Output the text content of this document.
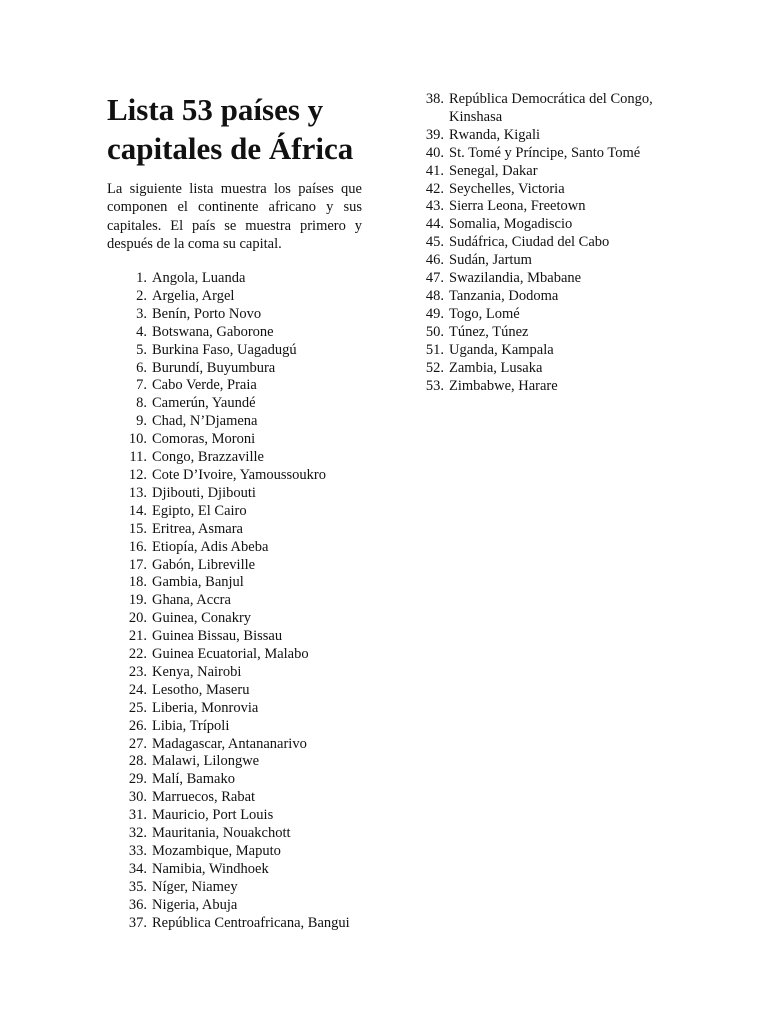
Lista 53 países y capitales de África

La siguiente lista muestra los países que componen el continente africano y sus capitales. El país se muestra primero y después de la coma su capital.

1. Angola, Luanda
2. Argelia, Argel
3. Benín, Porto Novo
4. Botswana, Gaborone
5. Burkina Faso, Uagadugú
6. Burundí, Buyumbura
7. Cabo Verde, Praia
8. Camerún, Yaundé
9. Chad, N’Djamena
10. Comoras, Moroni
11. Congo, Brazzaville
12. Cote D’Ivoire, Yamoussoukro
13. Djibouti, Djibouti
14. Egipto, El Cairo
15. Eritrea, Asmara
16. Etiopía, Adis Abeba
17. Gabón, Libreville
18. Gambia, Banjul
19. Ghana, Accra
20. Guinea, Conakry
21. Guinea Bissau, Bissau
22. Guinea Ecuatorial, Malabo
23. Kenya, Nairobi
24. Lesotho, Maseru
25. Liberia, Monrovia
26. Libia, Trípoli
27. Madagascar, Antananarivo
28. Malawi, Lilongwe
29. Malí, Bamako
30. Marruecos, Rabat
31. Mauricio, Port Louis
32. Mauritania, Nouakchott
33. Mozambique, Maputo
34. Namibia, Windhoek
35. Níger, Niamey
36. Nigeria, Abuja
37. República Centroafricana, Bangui
38. República Democrática del Congo, Kinshasa
39. Rwanda, Kigali
40. St. Tomé y Príncipe, Santo Tomé
41. Senegal, Dakar
42. Seychelles, Victoria
43. Sierra Leona, Freetown
44. Somalia, Mogadiscio
45. Sudáfrica, Ciudad del Cabo
46. Sudán, Jartum
47. Swazilandia, Mbabane
48. Tanzania, Dodoma
49. Togo, Lomé
50. Túnez, Túnez
51. Uganda, Kampala
52. Zambia, Lusaka
53. Zimbabwe, Harare
